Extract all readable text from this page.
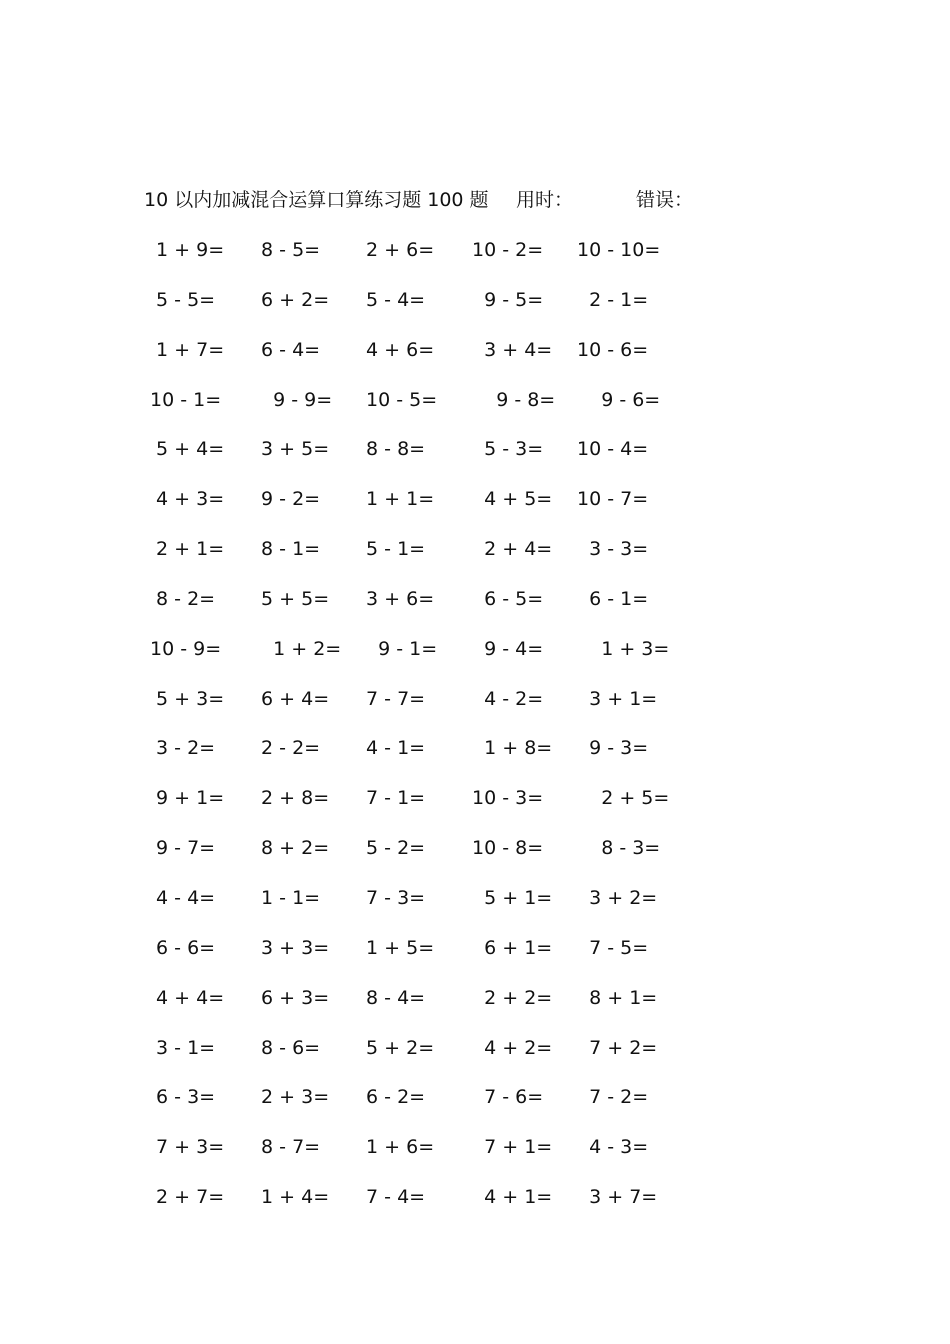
10 以内加减混合运算口算练习题 100 题 用时：	错误：
1 + 9= 8 - 5= 2 + 6= 10 - 2= 10 - 10=
5 - 5= 6 + 2= 5 - 4= 9 - 5= 2 - 1=
1 + 7= 6 - 4= 4 + 6= 3 + 4= 10 - 6=
10 - 1= 9 - 9= 10 - 5= 9 - 8= 9 - 6=
5 + 4= 3 + 5= 8 - 8= 5 - 3= 10 - 4=
4 + 3= 9 - 2= 1 + 1= 4 + 5= 10 - 7=
2 + 1= 8 - 1= 5 - 1= 2 + 4= 3 - 3=
8 - 2= 5 + 5= 3 + 6= 6 - 5= 6 - 1=
10 - 9= 1 + 2= 9 - 1= 9 - 4= 1 + 3=
5 + 3= 6 + 4= 7 - 7= 4 - 2= 3 + 1=
3 - 2= 2 - 2= 4 - 1= 1 + 8= 9 - 3=
9 + 1= 2 + 8= 7 - 1= 10 - 3= 2 + 5=
9 - 7= 8 + 2= 5 - 2= 10 - 8= 8 - 3=
4 - 4= 1 - 1= 7 - 3= 5 + 1= 3 + 2=
6 - 6= 3 + 3= 1 + 5= 6 + 1= 7 - 5=
4 + 4= 6 + 3= 8 - 4= 2 + 2= 8 + 1=
3 - 1= 8 - 6= 5 + 2= 4 + 2= 7 + 2=
6 - 3= 2 + 3= 6 - 2= 7 - 6= 7 - 2=
7 + 3= 8 - 7= 1 + 6= 7 + 1= 4 - 3=
2 + 7= 1 + 4= 7 - 4= 4 + 1= 3 + 7=
